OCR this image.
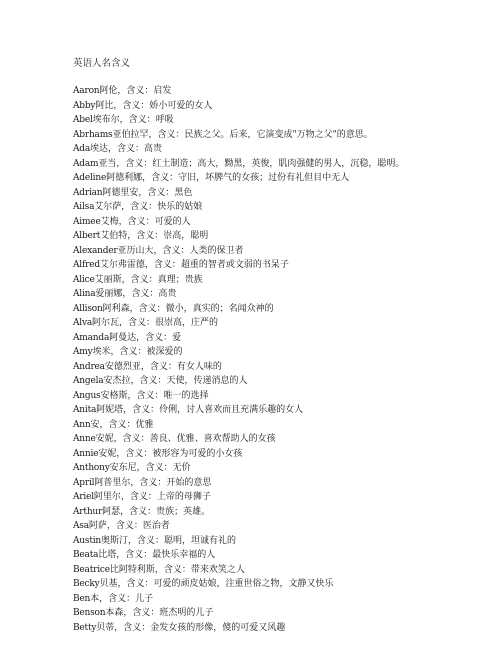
英语人名含义
Aaron阿伦，含义：启发
Abby阿比，含义：娇小可爱的女人
Abel埃布尔，含义：呼吸
Abrhams亚伯拉罕，含义：民族之父。后来，它演变成"万物之父"的意思。
Ada埃达，含义：高贵
Adam亚当，含义：红土制造；高大，黝黑，英俊，肌肉强健的男人，沉稳，聪明。
Adeline阿德利娜，含义：守旧，坏脾气的女孩；过份有礼但目中无人
Adrian阿德里安，含义：黑色
Ailsa艾尔萨，含义：快乐的姑娘
Aimee艾梅，含义：可爱的人
Albert艾伯特，含义：崇高，聪明
Alexander亚历山大，含义：人类的保卫者
Alfred艾尔弗雷德，含义：超重的智者或文弱的书呆子
Alice艾丽斯，含义：真理；贵族
Alina爱丽娜，含义：高贵
Allison阿利森，含义：微小，真实的；名闻众神的
Alva阿尔瓦，含义：很崇高，庄严的
Amanda阿曼达，含义：爱
Amy埃米，含义：被深爱的
Andrea安德烈亚，含义：有女人味的
Angela安杰拉，含义：天使，传递消息的人
Angus安格斯，含义：唯一的选择
Anita阿妮塔，含义：伶俐，讨人喜欢而且充满乐趣的女人
Ann安，含义：优雅
Anne安妮，含义：善良、优雅、喜欢帮助人的女孩
Annie安妮，含义：被形容为可爱的小女孩
Anthony安东尼，含义：无价
April阿普里尔，含义：开始的意思
Ariel阿里尔，含义：上帝的母狮子
Arthur阿瑟，含义：贵族；英雄。
Asa阿萨，含义：医治者
Austin奥斯汀，含义：聪明，坦诚有礼的
Beata比塔，含义：最快乐幸福的人
Beatrice比阿特利斯，含义：带来欢笑之人
Becky贝基，含义：可爱的顽皮姑娘，注重世俗之物，文静又快乐
Ben本，含义：儿子
Benson本森，含义：班杰明的儿子
Betty贝蒂，含义：金发女孩的形像，傻的可爱又风趣
